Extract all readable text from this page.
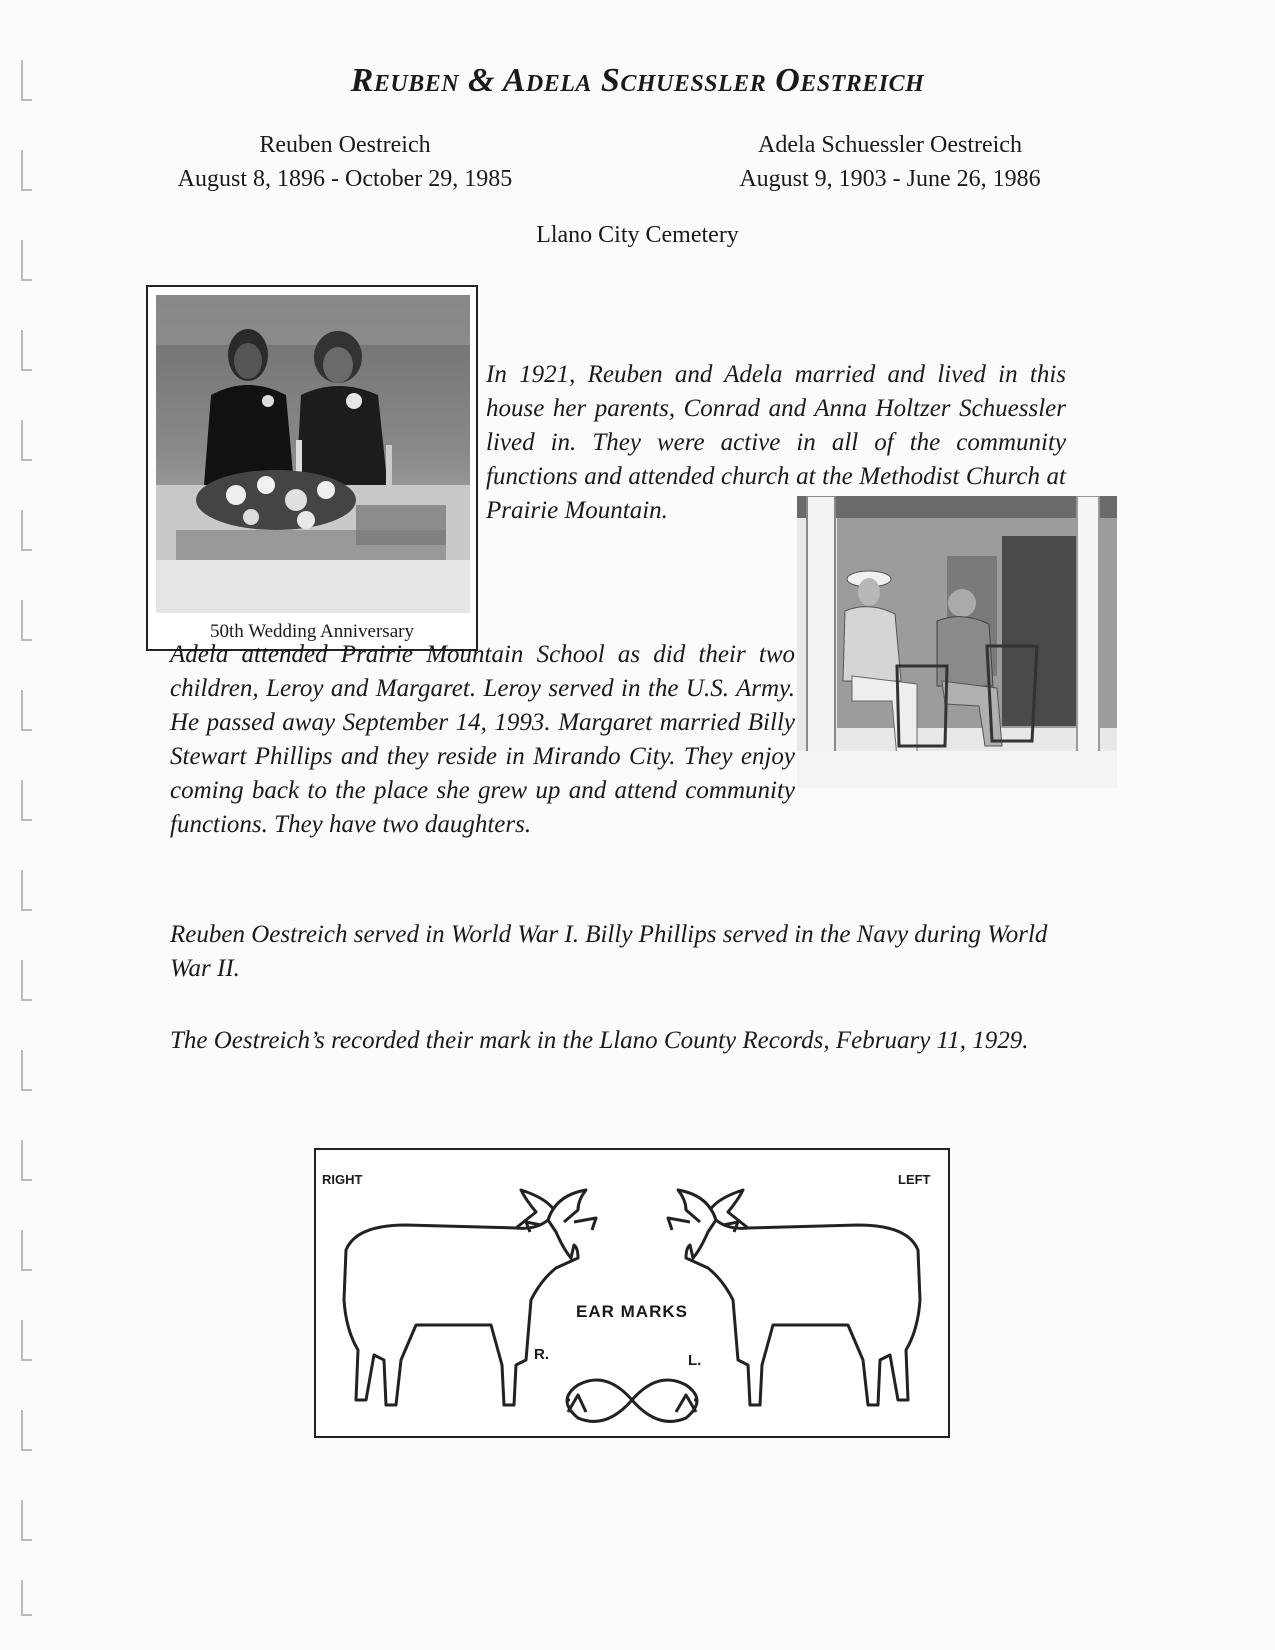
Reuben & Adela Schuessler Oestreich
Reuben Oestreich
August 8, 1896 - October 29, 1985
Adela Schuessler Oestreich
August 9, 1903 - June 26, 1986
Llano City Cemetery
50th Wedding Anniversary

In 1921, Reuben and Adela married and lived in this house her parents, Conrad and Anna Holtzer Schuessler lived in. They were active in all of the community functions and attended church at the Methodist Church at Prairie Mountain.

Adela attended Prairie Mountain School as did their two children, Leroy and Margaret. Leroy served in the U.S. Army. He passed away September 14, 1993. Margaret married Billy Stewart Phillips and they reside in Mirando City. They enjoy coming back to the place she grew up and attend community functions. They have two daughters.

Reuben Oestreich served in World War I. Billy Phillips served in the Navy during World War II.

The Oestreich’s recorded their mark in the Llano County Records, February 11, 1929.

RIGHT	LEFT
EAR MARKS
R.	L.
